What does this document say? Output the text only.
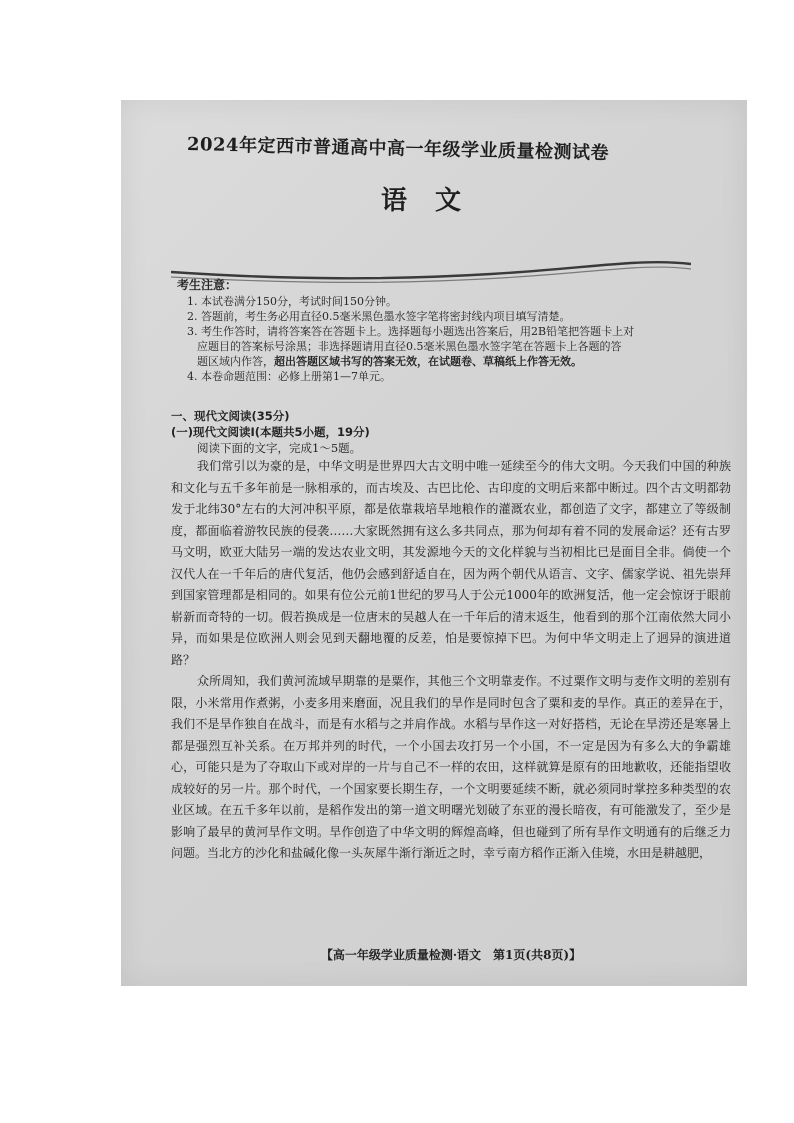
2024年定西市普通高中高一年级学业质量检测试卷
语文
考生注意：
1. 本试卷满分150分，考试时间150分钟。
2. 答题前，考生务必用直径0.5毫米黑色墨水签字笔将密封线内项目填写清楚。
3. 考生作答时，请将答案答在答题卡上。选择题每小题选出答案后，用2B铅笔把答题卡上对
应题目的答案标号涂黑；非选择题请用直径0.5毫米黑色墨水签字笔在答题卡上各题的答
题区域内作答，超出答题区域书写的答案无效，在试题卷、草稿纸上作答无效。
4. 本卷命题范围：必修上册第1—7单元。
一、现代文阅读(35分)
(一)现代文阅读Ⅰ(本题共5小题，19分)
阅读下面的文字，完成1～5题。

我们常引以为豪的是，中华文明是世界四大古文明中唯一延续至今的伟大文明。今天我们中国的种族和文化与五千多年前是一脉相承的，而古埃及、古巴比伦、古印度的文明后来都中断过。四个古文明都勃发于北纬30°左右的大河冲积平原，都是依靠栽培旱地粮作的灌溉农业，都创造了文字，都建立了等级制度，都面临着游牧民族的侵袭……大家既然拥有这么多共同点，那为何却有着不同的发展命运？还有古罗马文明，欧亚大陆另一端的发达农业文明，其发源地今天的文化样貌与当初相比已是面目全非。倘使一个汉代人在一千年后的唐代复活，他仍会感到舒适自在，因为两个朝代从语言、文字、儒家学说、祖先崇拜到国家管理都是相同的。如果有位公元前1世纪的罗马人于公元1000年的欧洲复活，他一定会惊讶于眼前崭新而奇特的一切。假若换成是一位唐末的吴越人在一千年后的清末返生，他看到的那个江南依然大同小异，而如果是位欧洲人则会见到天翻地覆的反差，怕是要惊掉下巴。为何中华文明走上了迥异的演进道路？

众所周知，我们黄河流域早期靠的是粟作，其他三个文明靠麦作。不过粟作文明与麦作文明的差别有限，小米常用作煮粥，小麦多用来磨面，况且我们的旱作是同时包含了粟和麦的旱作。真正的差异在于，我们不是旱作独自在战斗，而是有水稻与之并肩作战。水稻与旱作这一对好搭档，无论在旱涝还是寒暑上都是强烈互补关系。在万邦并列的时代，一个小国去攻打另一个小国，不一定是因为有多么大的争霸雄心，可能只是为了夺取山下或对岸的一片与自己不一样的农田，这样就算是原有的田地歉收，还能指望收成较好的另一片。那个时代，一个国家要长期生存，一个文明要延续不断，就必须同时掌控多种类型的农业区域。在五千多年以前，是稻作发出的第一道文明曙光划破了东亚的漫长暗夜，有可能激发了，至少是影响了最早的黄河旱作文明。旱作创造了中华文明的辉煌高峰，但也碰到了所有旱作文明通有的后继乏力问题。当北方的沙化和盐碱化像一头灰犀牛渐行渐近之时，幸亏南方稻作正渐入佳境，水田是耕越肥，

【高一年级学业质量检测·语文　第1页(共8页)】
